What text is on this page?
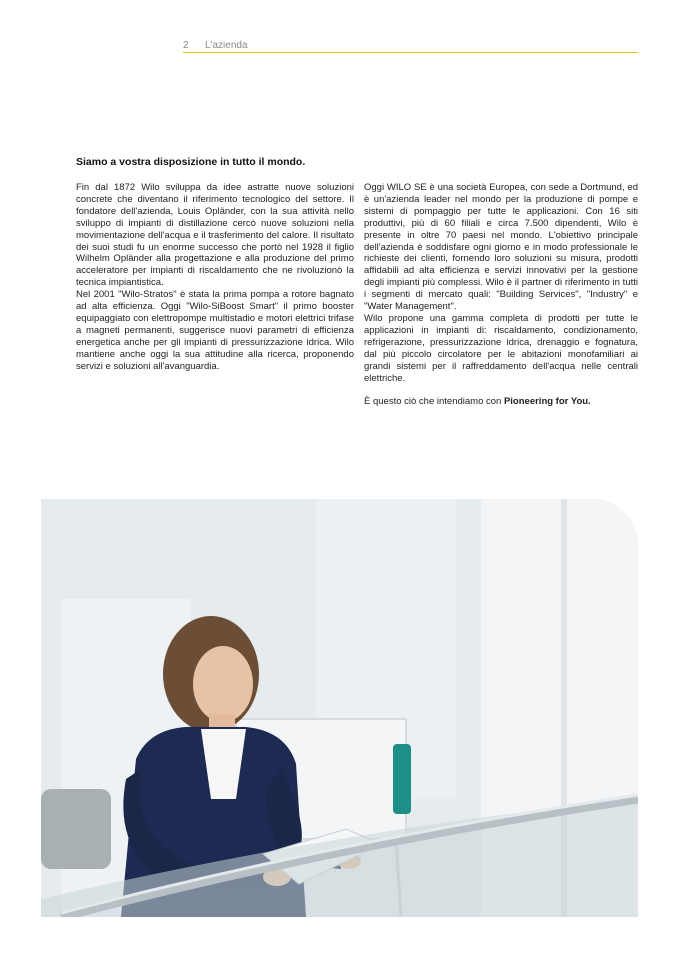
2 L'azienda
Siamo a vostra disposizione in tutto il mondo.

Fin dal 1872 Wilo sviluppa da idee astratte nuove soluzioni concrete che diventano il riferimento tecnologico del settore. Il fondatore dell'azienda, Louis Opländer, con la sua attività nello sviluppo di impianti di distillazione cercò nuove soluzioni nella movimentazione dell'acqua e il trasferimento del calore. Il risultato dei suoi studi fu un enorme successo che portò nel 1928 il figlio Wilhelm Opländer alla progettazione e alla produzione del primo acceleratore per impianti di riscaldamento che ne rivoluzionò la tecnica impiantistica.

Nel 2001 "Wilo-Stratos" è stata la prima pompa a rotore bagnato ad alta efficienza. Oggi "Wilo-SiBoost Smart" il primo booster equipaggiato con elettropompe multistadio e motori elettrici trifase a magneti permanenti, suggerisce nuovi parametri di efficienza energetica anche per gli impianti di pressurizzazione idrica. Wilo mantiene anche oggi la sua attitudine alla ricerca, proponendo servizi e soluzioni all'avanguardia.

Oggi WILO SE è una società Europea, con sede a Dortmund, ed è un'azienda leader nel mondo per la produzione di pompe e sistemi di pompaggio per tutte le applicazioni. Con 16 siti produttivi, più di 60 filiali e circa 7.500 dipendenti, Wilo è presente in oltre 70 paesi nel mondo. L'obiettivo principale dell'azienda è soddisfare ogni giorno e in modo professionale le richieste dei clienti, fornendo loro soluzioni su misura, prodotti affidabili ad alta efficienza e servizi innovativi per la gestione degli impianti più complessi. Wilo è il partner di riferimento in tutti i segmenti di mercato quali: "Building Services", "Industry" e "Water Management".

Wilo propone una gamma completa di prodotti per tutte le applicazioni in impianti di: riscaldamento, condizionamento, refrigerazione, pressurizzazione idrica, drenaggio e fognatura, dal più piccolo circolatore per le abitazioni monofamiliari ai grandi sistemi per il raffreddamento dell'acqua nelle centrali elettriche.

È questo ciò che intendiamo con Pioneering for You.
